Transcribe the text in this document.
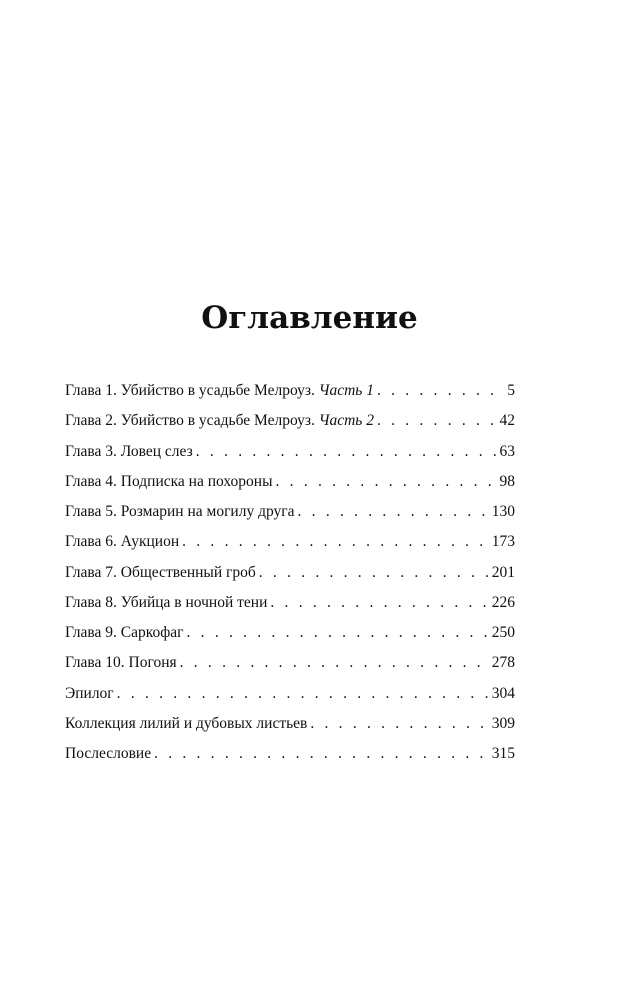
Оглавление
Глава 1. Убийство в усадьбе Мелроуз. Часть 1 . . .	5
Глава 2. Убийство в усадьбе Мелроуз. Часть 2 . . .	42
Глава 3. Ловец слез . . .	63
Глава 4. Подписка на похороны . . .	98
Глава 5. Розмарин на могилу друга . . .	130
Глава 6. Аукцион . . .	173
Глава 7. Общественный гроб . . .	201
Глава 8. Убийца в ночной тени . . .	226
Глава 9. Саркофаг . . .	250
Глава 10. Погоня . . .	278
Эпилог . . .	304
Коллекция лилий и дубовых листьев . . .	309
Послесловие . . .	315
